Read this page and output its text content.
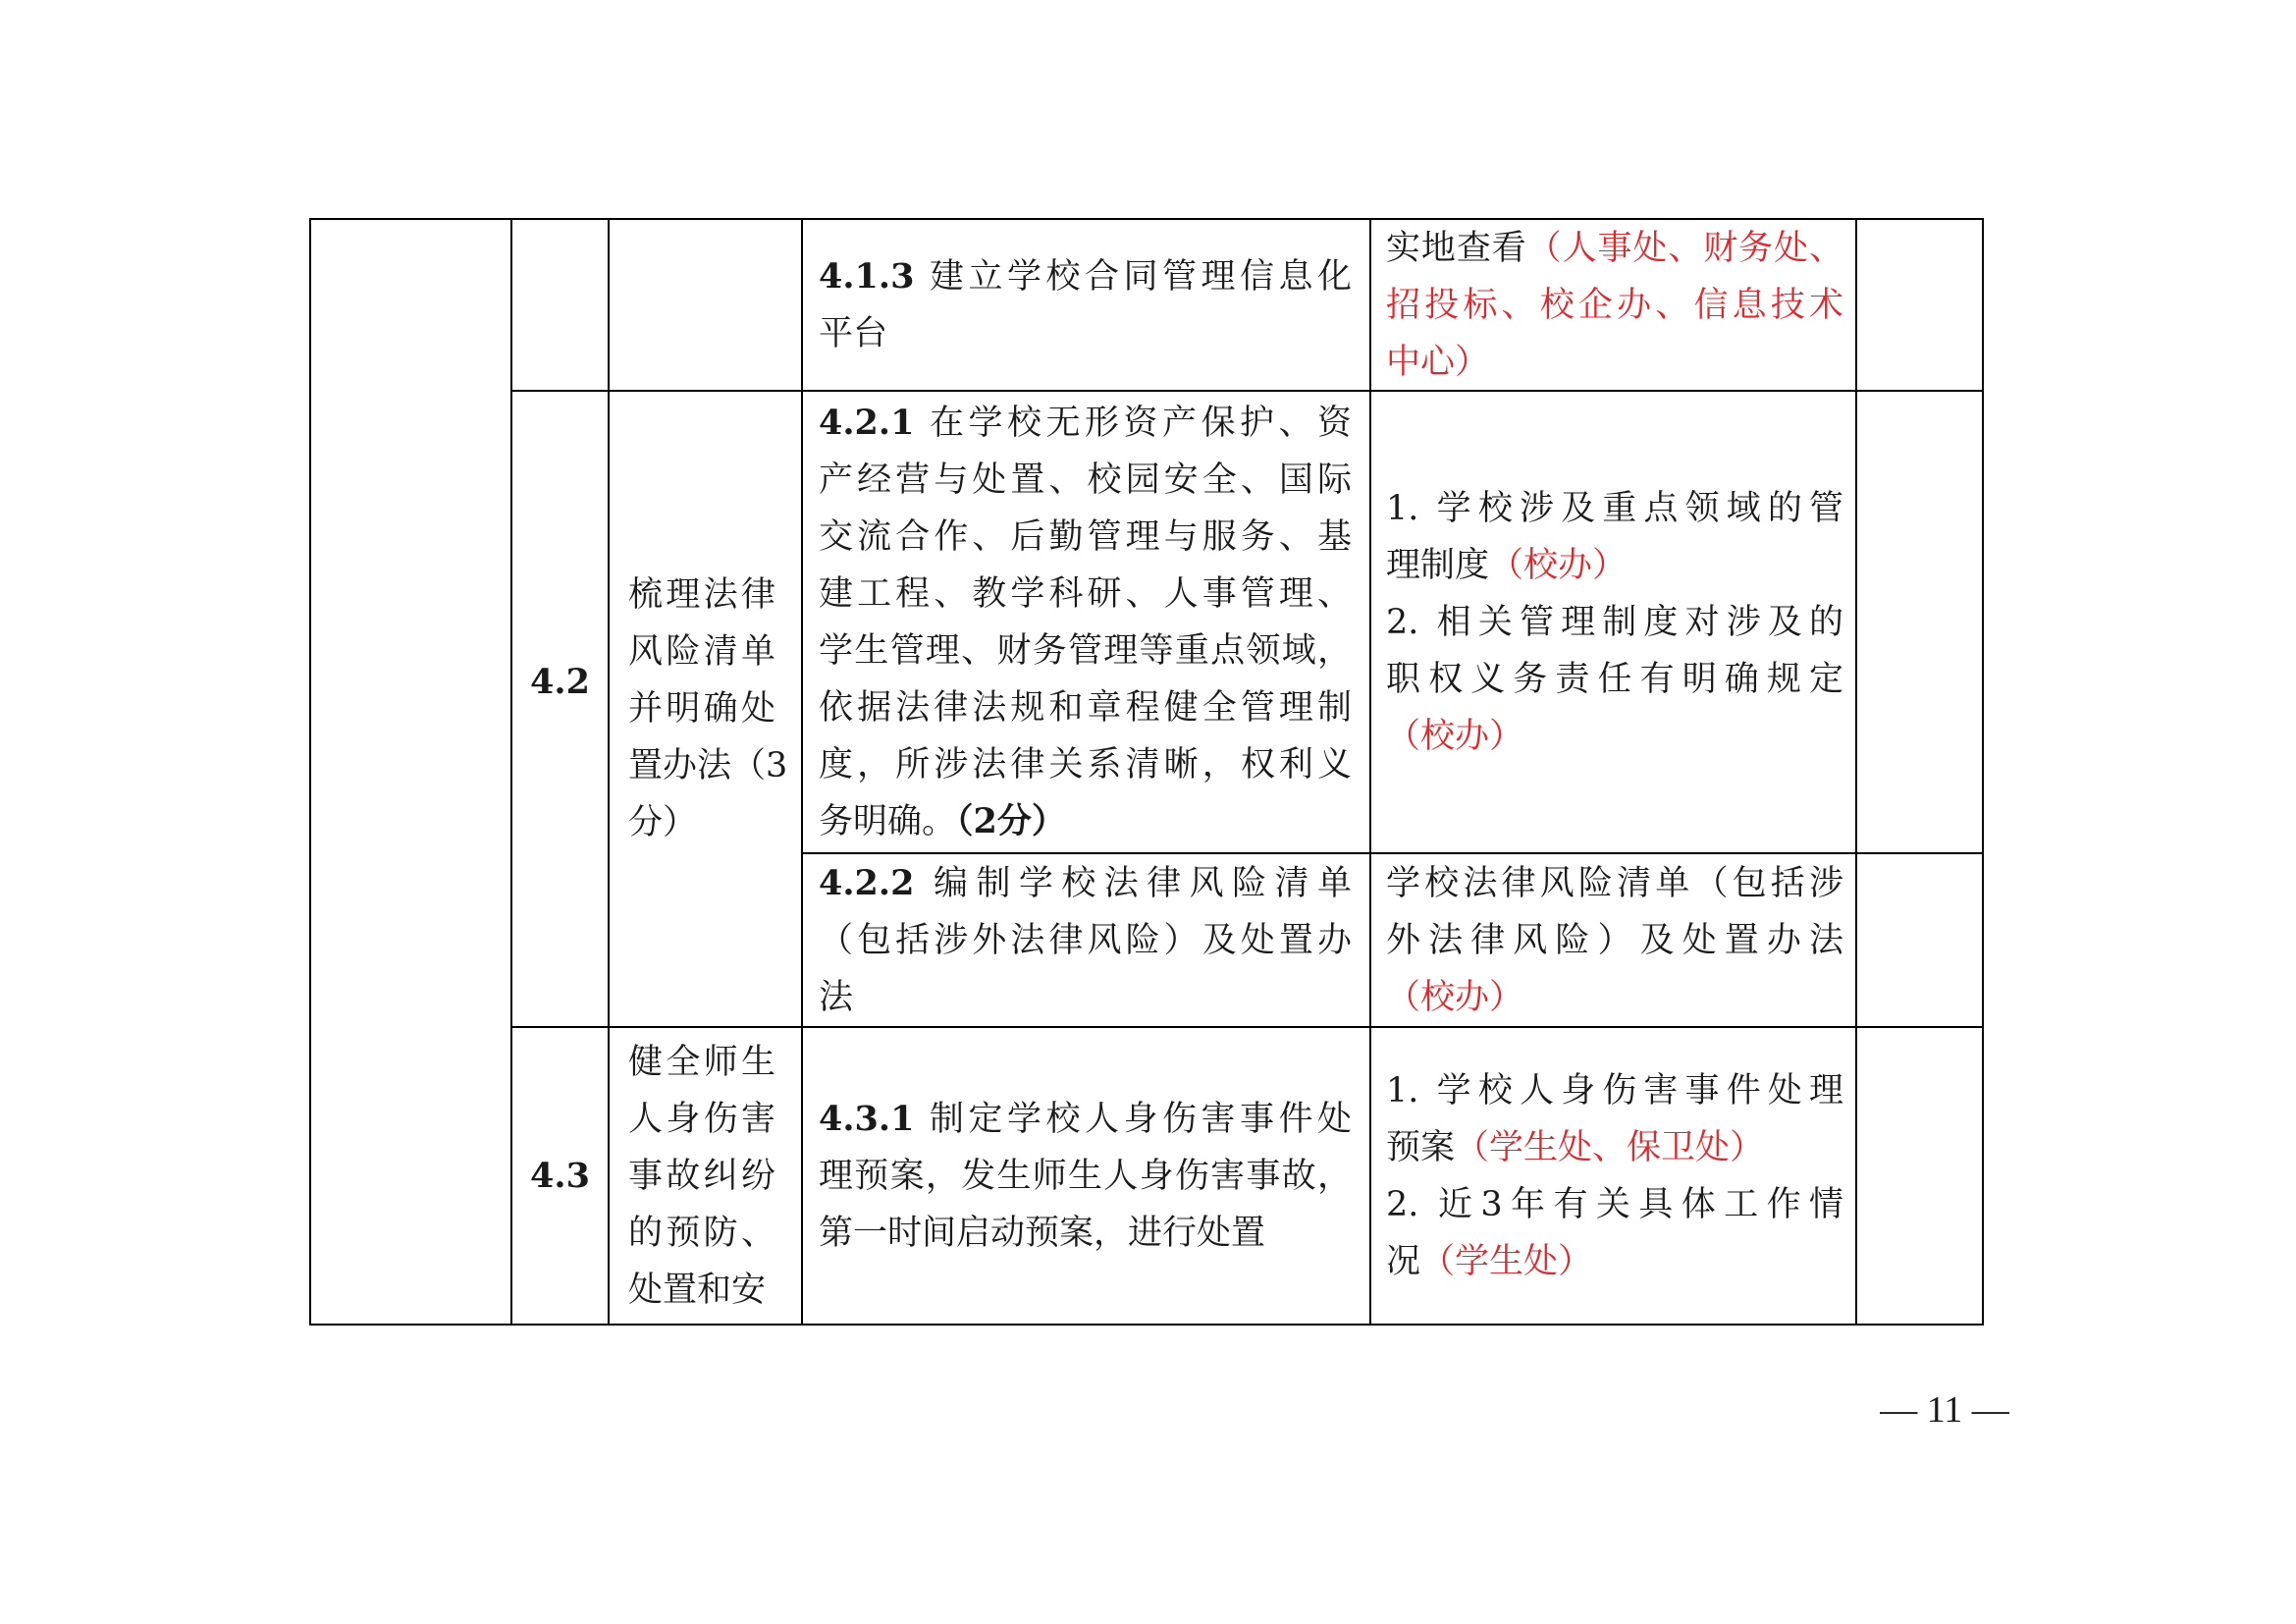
4.1.3 建立学校合同管理信息化
平台
实地查看（人事处、财务处、
招投标、校企办、信息技术
中心）
4.2
梳理法律
风险清单
并明确处
置办法（3
分）
4.2.1 在学校无形资产保护、资
产经营与处置、校园安全、国际
交流合作、后勤管理与服务、基
建工程、教学科研、人事管理、
学生管理、财务管理等重点领域，
依据法律法规和章程健全管理制
度，所涉法律关系清晰，权利义
务明确。（2分）
1. 学校涉及重点领域的管
理制度（校办）
2. 相关管理制度对涉及的
职权义务责任有明确规定
（校办）
4.2.2 编制学校法律风险清单
（包括涉外法律风险）及处置办
法
学校法律风险清单（包括涉
外法律风险）及处置办法
（校办）
4.3
健全师生
人身伤害
事故纠纷
的预防、
处置和安
4.3.1 制定学校人身伤害事件处
理预案，发生师生人身伤害事故，
第一时间启动预案，进行处置
1. 学校人身伤害事件处理
预案（学生处、保卫处）
2. 近3年有关具体工作情
况（学生处）
— 11 —
